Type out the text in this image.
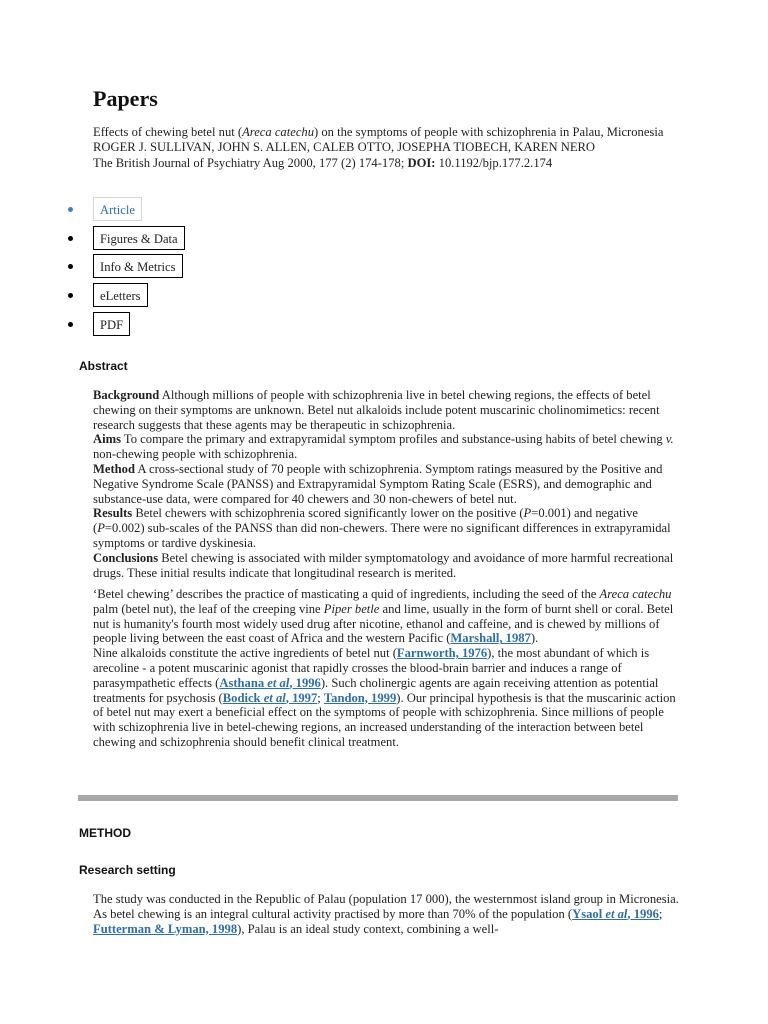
Papers

Effects of chewing betel nut (Areca catechu) on the symptoms of people with schizophrenia in Palau, Micronesia

ROGER J. SULLIVAN, JOHN S. ALLEN, CALEB OTTO, JOSEPHA TIOBECH, KAREN NERO

The British Journal of Psychiatry Aug 2000, 177 (2) 174-178; DOI: 10.1192/bjp.177.2.174

Article
Figures & Data
Info & Metrics
eLetters
PDF
Abstract

Background Although millions of people with schizophrenia live in betel chewing regions, the effects of betel chewing on their symptoms are unknown. Betel nut alkaloids include potent muscarinic cholinomimetics: recent research suggests that these agents may be therapeutic in schizophrenia.

Aims To compare the primary and extrapyramidal symptom profiles and substance-using habits of betel chewing v. non-chewing people with schizophrenia.

Method A cross-sectional study of 70 people with schizophrenia. Symptom ratings measured by the Positive and Negative Syndrome Scale (PANSS) and Extrapyramidal Symptom Rating Scale (ESRS), and demographic and substance-use data, were compared for 40 chewers and 30 non-chewers of betel nut.

Results Betel chewers with schizophrenia scored significantly lower on the positive (P=0.001) and negative (P=0.002) sub-scales of the PANSS than did non-chewers. There were no significant differences in extrapyramidal symptoms or tardive dyskinesia.

Conclusions Betel chewing is associated with milder symptomatology and avoidance of more harmful recreational drugs. These initial results indicate that longitudinal research is merited.

‘Betel chewing’ describes the practice of masticating a quid of ingredients, including the seed of the Areca catechu palm (betel nut), the leaf of the creeping vine Piper betle and lime, usually in the form of burnt shell or coral. Betel nut is humanity's fourth most widely used drug after nicotine, ethanol and caffeine, and is chewed by millions of people living between the east coast of Africa and the western Pacific (Marshall, 1987).

Nine alkaloids constitute the active ingredients of betel nut (Farnworth, 1976), the most abundant of which is arecoline - a potent muscarinic agonist that rapidly crosses the blood-brain barrier and induces a range of parasympathetic effects (Asthana et al, 1996). Such cholinergic agents are again receiving attention as potential treatments for psychosis (Bodick et al, 1997; Tandon, 1999). Our principal hypothesis is that the muscarinic action of betel nut may exert a beneficial effect on the symptoms of people with schizophrenia. Since millions of people with schizophrenia live in betel-chewing regions, an increased understanding of the interaction between betel chewing and schizophrenia should benefit clinical treatment.

METHOD
Research setting

The study was conducted in the Republic of Palau (population 17 000), the westernmost island group in Micronesia. As betel chewing is an integral cultural activity practised by more than 70% of the population (Ysaol et al, 1996; Futterman & Lyman, 1998), Palau is an ideal study context, combining a well-
